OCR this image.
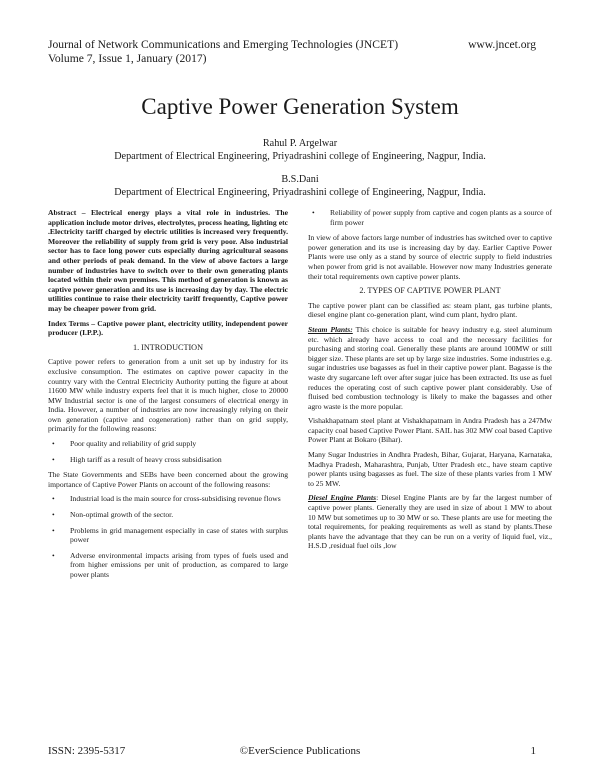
Journal of Network Communications and Emerging Technologies (JNCET)
Volume 7, Issue 1, January (2017)
www.jncet.org
Captive Power Generation System
Rahul P. Argelwar
Department of Electrical Engineering, Priyadrashini college of Engineering, Nagpur, India.
B.S.Dani
Department of Electrical Engineering, Priyadrashini college of Engineering, Nagpur, India.

Abstract – Electrical energy plays a vital role in industries. The application include motor drives, electrolytes, process heating, lighting etc .Electricity tariff charged by electric utilities is increased very frequently. Moreover the reliability of supply from grid is very poor. Also industrial sector has to face long power cuts especially during agricultural seasons and other periods of peak demand. In the view of above factors a large number of industries have to switch over to their own generating plants located within their own premises. This method of generation is known as captive power generation and its use is increasing day by day. The electric utilities continue to raise their electricity tariff frequently, Captive power may be cheaper power from grid.

Index Terms – Captive power plant, electricity utility, independent power producer (I.P.P.).

1. INTRODUCTION

Captive power refers to generation from a unit set up by industry for its exclusive consumption. The estimates on captive power capacity in the country vary with the Central Electricity Authority putting the figure at about 11600 MW while industry experts feel that it is much higher, close to 20000 MW Industrial sector is one of the largest consumers of electrical energy in India. However, a number of industries are now increasingly relying on their own generation (captive and cogeneration) rather than on grid supply, primarily for the following reasons:

• Poor quality and reliability of grid supply
• High tariff as a result of heavy cross subsidisation

The State Governments and SEBs have been concerned about the growing importance of Captive Power Plants on account of the following reasons:

• Industrial load is the main source for cross-subsidising revenue flows
• Non-optimal growth of the sector.
• Problems in grid management especially in case of states with surplus power
• Adverse environmental impacts arising from types of fuels used and from higher emissions per unit of production, as compared to large power plants
• Reliability of power supply from captive and cogen plants as a source of firm power

In view of above factors large number of industries has switched over to captive power generation and its use is increasing day by day. Earlier Captive Power Plants were use only as a stand by source of electric supply to field industries when power from grid is not available. However now many Industries generate their total requirements own captive power plants.

2. TYPES OF CAPTIVE POWER PLANT

The captive power plant can be classified as: steam plant, gas turbine plants, diesel engine plant co-generation plant, wind cum plant, hydro plant.

Steam Plants: This choice is suitable for heavy industry e.g. steel aluminum etc. which already have access to coal and the necessary facilities for purchasing and storing coal. Generally these plants are around 100MW or still bigger size. These plants are set up by large size industries. Some industries e.g. sugar industries use bagasses as fuel in their captive power plant. Bagasse is the waste dry sugarcane left over after sugar juice has been extracted. Its use as fuel reduces the operating cost of such captive power plant considerably. Use of fluised bed combustion technology is likely to make the bagasses and other agro waste is the more popular.

Vishakhapatnam steel plant at Vishakhapatnam in Andra Pradesh has a 247Mw capacity coal based Captive Power Plant. SAIL has 302 MW coal based Captive Power Plant at Bokaro (Bihar).

Many Sugar Industries in Andhra Pradesh, Bihar, Gujarat, Haryana, Karnataka, Madhya Pradesh, Maharashtra, Punjab, Utter Pradesh etc., have steam captive power plants using bagasses as fuel. The size of these plants varies from 1 MW to 25 MW.

Diesel Engine Plants: Diesel Engine Plants are by far the largest number of captive power plants. Generally they are used in size of about 1 MW to about 10 MW but sometimes up to 30 MW or so. These plants are use for meeting the total requirements, for peaking requirements as well as stand by plants.These plants have the advantage that they can be run on a verity of liquid fuel, viz., H.S.D ,residual fuel oils ,low

ISSN: 2395-5317	©EverScience Publications	1
